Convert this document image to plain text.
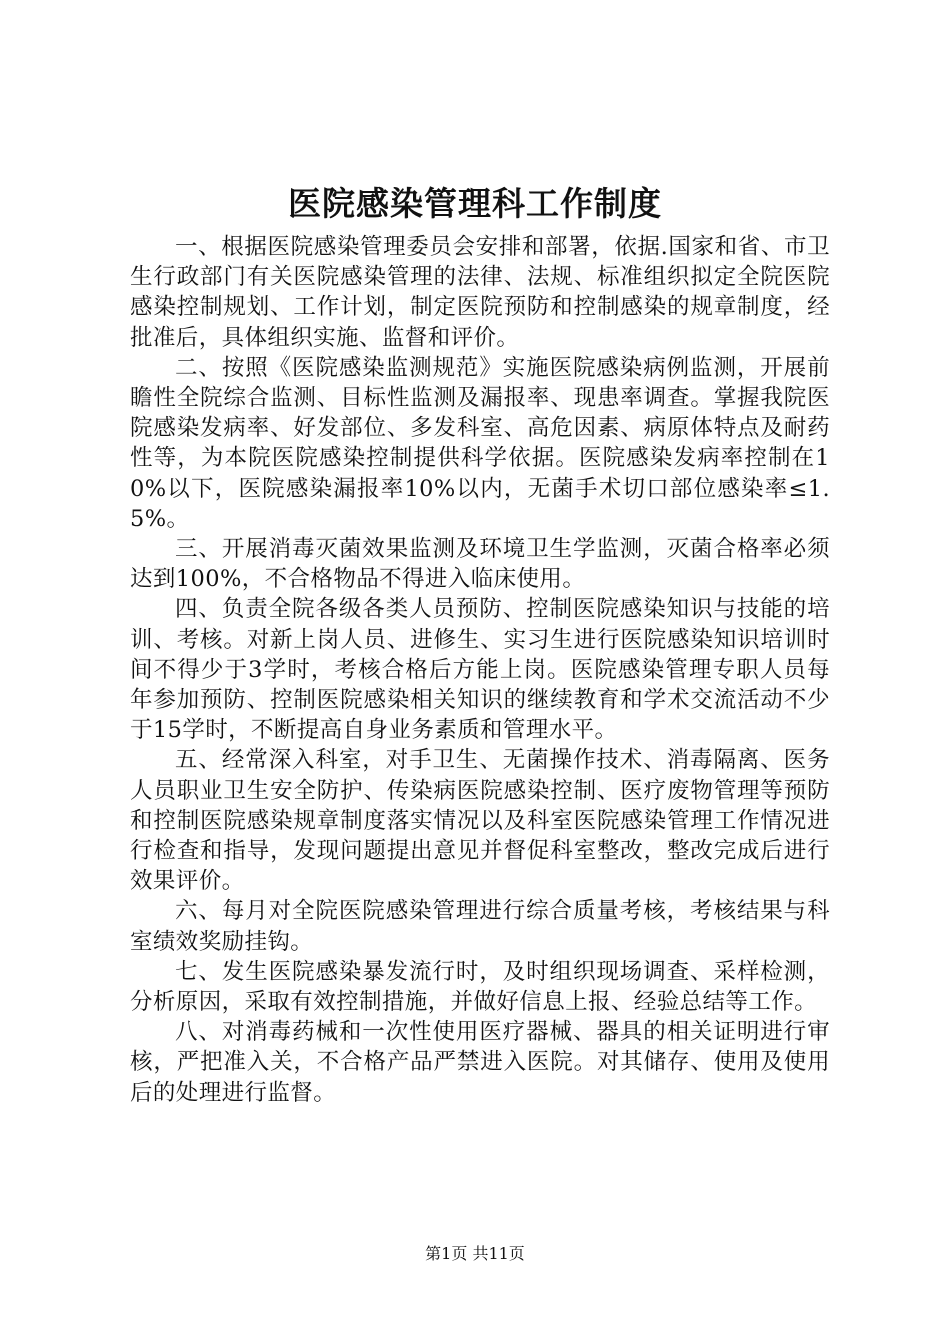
医院感染管理科工作制度

一、根据医院感染管理委员会安排和部署，依据.国家和省、市卫生行政部门有关医院感染管理的法律、法规、标准组织拟定全院医院感染控制规划、工作计划，制定医院预防和控制感染的规章制度，经批准后，具体组织实施、监督和评价。

二、按照《医院感染监测规范》实施医院感染病例监测，开展前瞻性全院综合监测、目标性监测及漏报率、现患率调查。掌握我院医院感染发病率、好发部位、多发科室、高危因素、病原体特点及耐药性等，为本院医院感染控制提供科学依据。医院感染发病率控制在10%以下，医院感染漏报率10%以内，无菌手术切口部位感染率≤1.5%。

三、开展消毒灭菌效果监测及环境卫生学监测，灭菌合格率必须达到100%，不合格物品不得进入临床使用。

四、负责全院各级各类人员预防、控制医院感染知识与技能的培训、考核。对新上岗人员、进修生、实习生进行医院感染知识培训时间不得少于3学时，考核合格后方能上岗。医院感染管理专职人员每年参加预防、控制医院感染相关知识的继续教育和学术交流活动不少于15学时，不断提高自身业务素质和管理水平。

五、经常深入科室，对手卫生、无菌操作技术、消毒隔离、医务人员职业卫生安全防护、传染病医院感染控制、医疗废物管理等预防和控制医院感染规章制度落实情况以及科室医院感染管理工作情况进行检查和指导，发现问题提出意见并督促科室整改，整改完成后进行效果评价。

六、每月对全院医院感染管理进行综合质量考核，考核结果与科室绩效奖励挂钩。

七、发生医院感染暴发流行时，及时组织现场调查、采样检测，分析原因，采取有效控制措施，并做好信息上报、经验总结等工作。

八、对消毒药械和一次性使用医疗器械、器具的相关证明进行审核，严把准入关，不合格产品严禁进入医院。对其储存、使用及使用后的处理进行监督。

第1页 共11页
